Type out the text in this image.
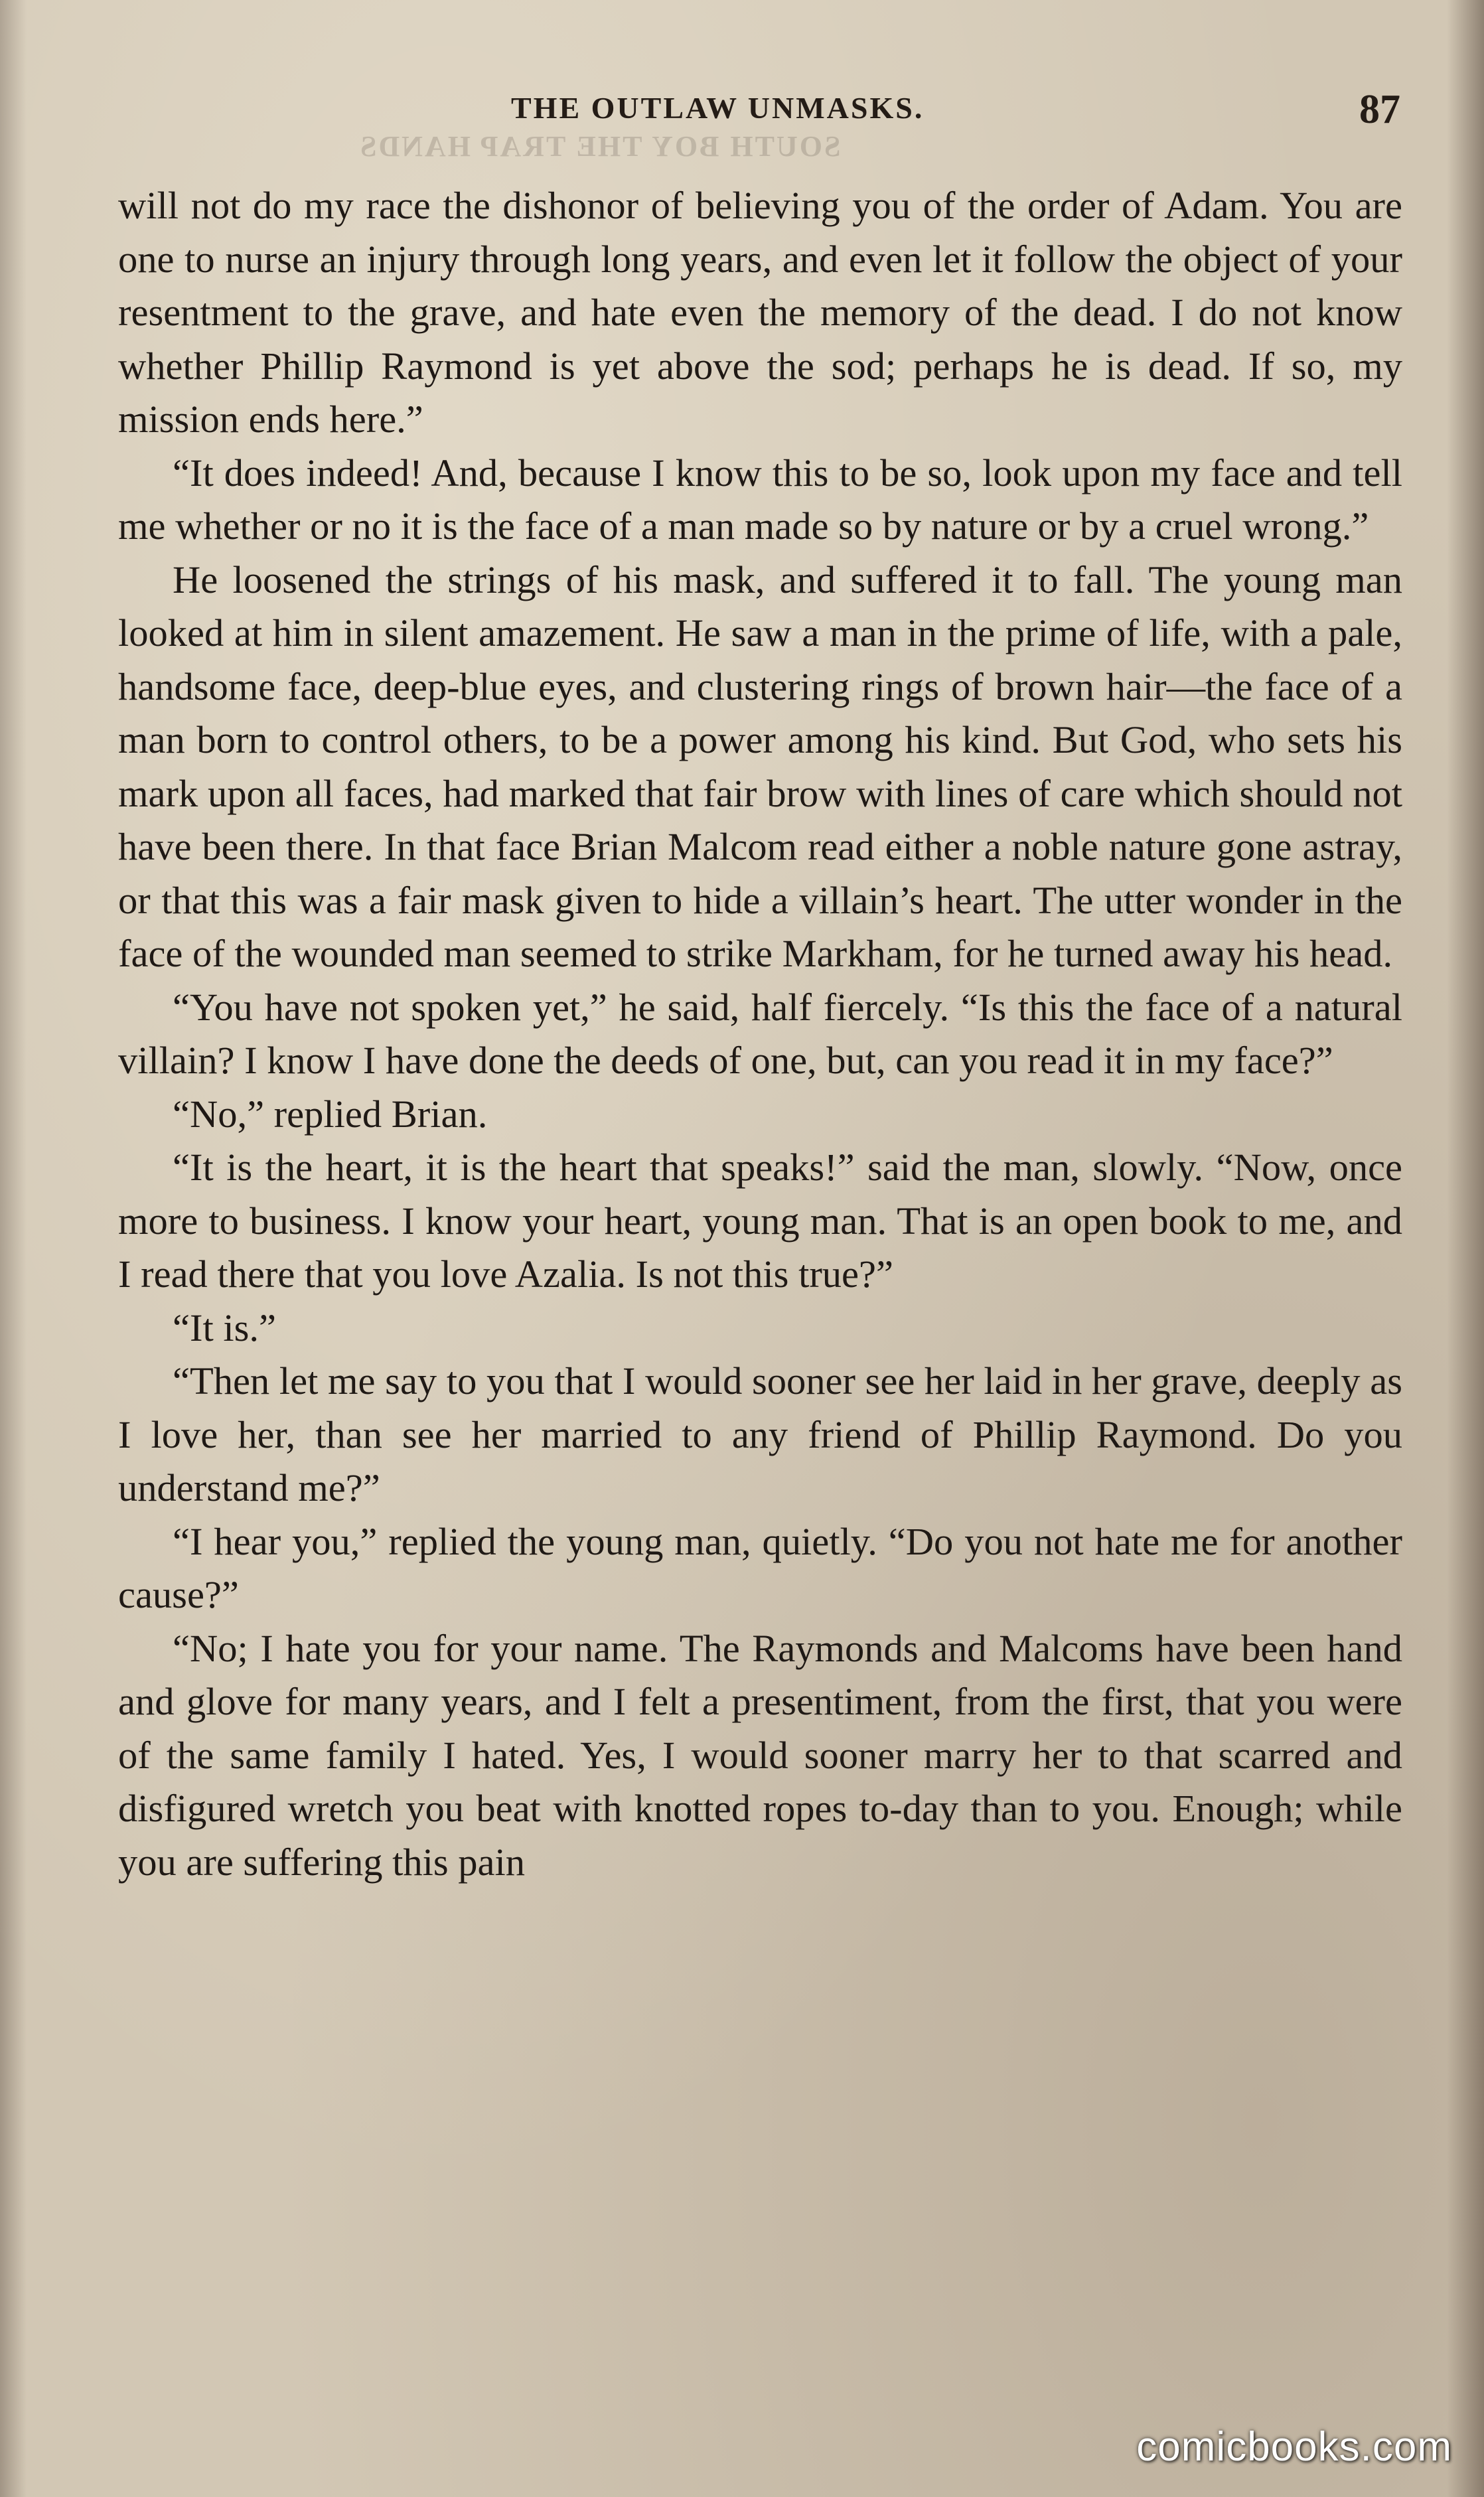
THE OUTLAW UNMASKS.	87
SOUTH BOY THE TRAP HANDS

will not do my race the dishonor of believing you of the order of Adam. You are one to nurse an injury through long years, and even let it follow the object of your resentment to the grave, and hate even the memory of the dead. I do not know whether Phillip Raymond is yet above the sod; perhaps he is dead. If so, my mission ends here.”

“It does indeed! And, because I know this to be so, look upon my face and tell me whether or no it is the face of a man made so by nature or by a cruel wrong.”

He loosened the strings of his mask, and suffered it to fall. The young man looked at him in silent amazement. He saw a man in the prime of life, with a pale, handsome face, deep-blue eyes, and clustering rings of brown hair—the face of a man born to control others, to be a power among his kind. But God, who sets his mark upon all faces, had marked that fair brow with lines of care which should not have been there. In that face Brian Malcom read either a noble nature gone astray, or that this was a fair mask given to hide a villain’s heart. The utter wonder in the face of the wounded man seemed to strike Markham, for he turned away his head.

“You have not spoken yet,” he said, half fiercely. “Is this the face of a natural villain? I know I have done the deeds of one, but, can you read it in my face?”

“No,” replied Brian.

“It is the heart, it is the heart that speaks!” said the man, slowly. “Now, once more to business. I know your heart, young man. That is an open book to me, and I read there that you love Azalia. Is not this true?”

“It is.”

“Then let me say to you that I would sooner see her laid in her grave, deeply as I love her, than see her married to any friend of Phillip Raymond. Do you understand me?”

“I hear you,” replied the young man, quietly. “Do you not hate me for another cause?”

“No; I hate you for your name. The Raymonds and Malcoms have been hand and glove for many years, and I felt a presentiment, from the first, that you were of the same family I hated. Yes, I would sooner marry her to that scarred and disfigured wretch you beat with knotted ropes to-day than to you. Enough; while you are suffering this pain

comicbooks.com
